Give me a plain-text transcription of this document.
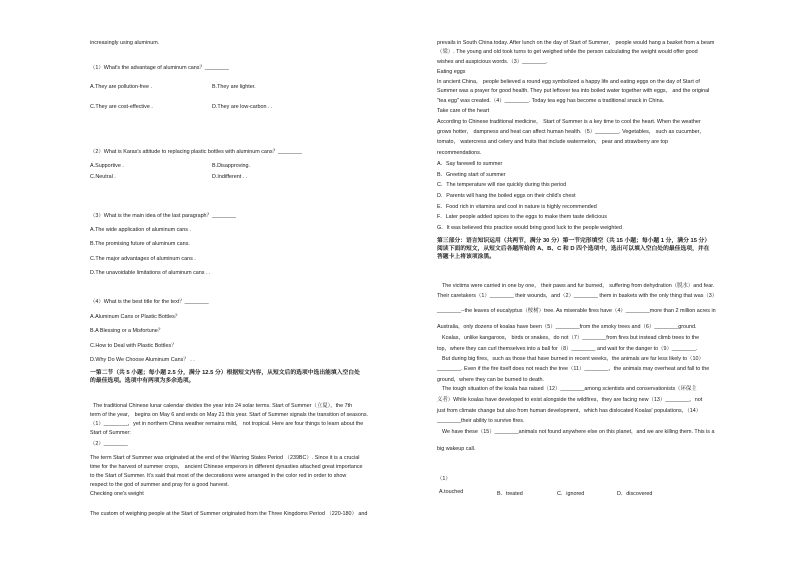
increasingly using aluminum.
（1）What's the advantage of aluminum cans？________
A.They are pollution-free .	B.They are lighter.
C.They are cost-effective .	D.They are low-carbon . .
（2）What is Karas's attitude to replacing plastic bottles with aluminum cans？________
A.Supportive .	B.Disapproving.
C.Neutral .	D.Indifferent . .
（3）What is the main idea of the last paragraph？________
A.The wide application of aluminum cans .
B.The promising future of aluminum cans.
C.The major advantages of aluminum cans .
D.The unavoidable limitations of aluminum cans . .
（4）What is the best title for the text？________
A.Aluminum Cans or Plastic Bottles？
B.A Blessing or a Misfortune？
C.How to Deal with Plastic Bottles？
D.Why Do We Choose Aluminum Cans？ . .
一第二节（共 5 小题；每小题 2.5 分，满分 12.5 分）根据短文内容，从短文后的选项中选出能填入空白处
的最佳选项。选项中有两项为多余选项。
The traditional Chinese lunar calendar divides the year into 24 solar terms. Start of Summer（立夏），the 7th
term of the year， begins on May 6 and ends on May 21 this year. Start of Summer signals the transition of seasons.
（1）________，yet in northern China weather remains mild， not tropical. Here are four things to learn about the
Start of Summer:
（2）________
The term Start of Summer was originated at the end of the Warring States Period （239BC）. Since it is a crucial
time for the harvest of summer crops， ancient Chinese emperors in different dynasties attached great importance
to the Start of Summer. It's said that most of the decorations were arranged in the color red in order to show
respect to the god of summer and pray for a good harvest.
Checking one's weight
The custom of weighing people at the Start of Summer originated from the Three Kingdoms Period （220-180） and
prevails in South China today. After lunch on the day of Start of Summer， people would hang a basket from a beam
（梁）. The young and old took turns to get weighed while the person calculating the weight would offer good
wishes and auspicious words.（3）________.
Eating eggs
In ancient China， people believed a round egg symbolized a happy life and eating eggs on the day of Start of
Summer was a prayer for good health. They put leftover tea into boiled water together with eggs， and the original
"tea egg" was created.（4）________. Today tea egg has become a traditional snack in China.
Take care of the heart
According to Chinese traditional medicine， Start of Summer is a key time to cool the heart. When the weather
grows hotter， dampness and heat can affect human health.（5）________. Vegetables， such as cucumber，
tomato， watercress and celery and fruits that include watermelon， pear and strawberry are top
recommendations.
A．Say farewell to summer
B．Greeting start of summer
C．The temperature will rise quickly during this period
D．Parents will hang the boiled eggs on their child's chest
E．Food rich in vitamins and cool in nature is highly recommended
F．Later people added spices to the eggs to make them taste delicious
G．It was believed this practice would bring good luck to the people weighted
第三部分：语言知识运用（共两节，满分 30 分）第一节完形填空（共 15 小题；每小题 1 分，满分 15 分）
阅读下面的短文，从短文后各题所给的 A、B、C 和 D 四个选项中，选出可以填入空白处的最佳选项，并在
答题卡上将该项涂黑。
The victims were carried in one by one， their paws and fur burned， suffering from dehydration（脱水）and fear.
Their caretakers（1）________ their wounds，and（2）________ them in baskets with the only thing that was（3）
________--the leaves of eucalyptus（桉树）tree. As miserable fires have（4）________more than 2 million acres in
Australia，only dozens of koalas have been（5）________from the smoky trees and（6）________ground.
Koalas，unlike kangaroos， birds or snakes，do not（7）________from fires but instead climb trees to the
top，where they can curl themselves into a ball for（8）________ and wait for the danger to（9）________.
But during big fires，such as those that have burned in recent weeks，the animals are far less likely to（10）
________. Even if the fire itself does not reach the tree（11）________，the animals may overheat and fall to the
ground，where they can be burned to death.
The tough situation of the koala has raised（12）________among scientists and conservationists（环保主
义者）While koalas have developed to exist alongside the wildfires，they are facing new（13）________，not
just from climate change but also from human development，which has dislocated Koalas' populations，（14）
________their ability to survive fires.
We have these（15）________animals not found anywhere else on this planet，and we are killing them. This is a
big wakeup call.
（1）
A.touched	B．treated	C．ignored	D．discovered
